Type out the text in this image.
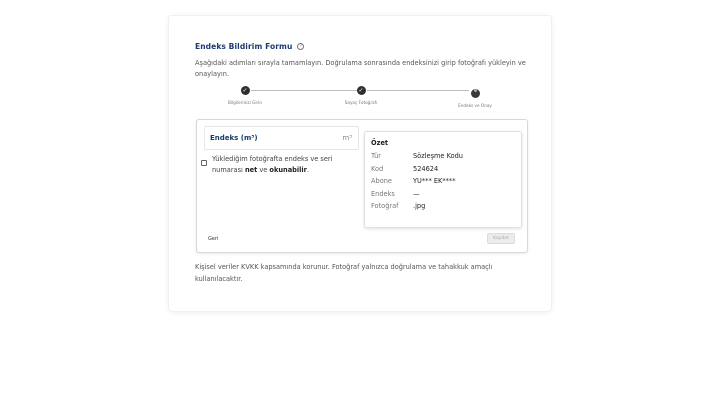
Endeks Bildirim Formu	?
Aşağıdaki adımları sırayla tamamlayın. Doğrulama sonrasında endeksinizi girip fotoğrafı yükleyin ve onaylayın.
✓
Bilgilerinizi Girin
✓
Sayaç Fotoğrafı
Endeks ve Onay
Endeks (m³)	m³
Yüklediğim fotoğrafta endeks ve seri numarası net ve okunabilir.
Özet
Tür	Sözleşme Kodu
Kod	524624
Abone	YU*** EK****
Endeks	—
Fotoğraf	.jpg
Geri	Kaydet
Kişisel veriler KVKK kapsamında korunur. Fotoğraf yalnızca doğrulama ve tahakkuk amaçlı kullanılacaktır.
